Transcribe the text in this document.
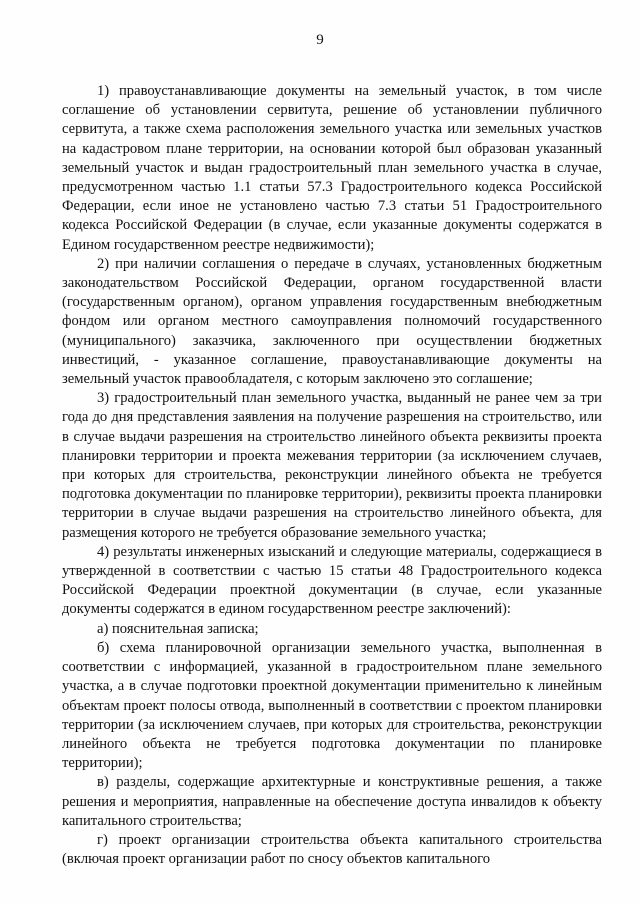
9

1) правоустанавливающие документы на земельный участок, в том числе соглашение об установлении сервитута, решение об установлении публичного сервитута, а также схема расположения земельного участка или земельных участков на кадастровом плане территории, на основании которой был образован указанный земельный участок и выдан градостроительный план земельного участка в случае, предусмотренном частью 1.1 статьи 57.3 Градостроительного кодекса Российской Федерации, если иное не установлено частью 7.3 статьи 51 Градостроительного кодекса Российской Федерации (в случае, если указанные документы содержатся в Едином государственном реестре недвижимости);

2) при наличии соглашения о передаче в случаях, установленных бюджетным законодательством Российской Федерации, органом государственной власти (государственным органом), органом управления государственным внебюджетным фондом или органом местного самоуправления полномочий государственного (муниципального) заказчика, заключенного при осуществлении бюджетных инвестиций, - указанное соглашение, правоустанавливающие документы на земельный участок правообладателя, с которым заключено это соглашение;

3) градостроительный план земельного участка, выданный не ранее чем за три года до дня представления заявления на получение разрешения на строительство, или в случае выдачи разрешения на строительство линейного объекта реквизиты проекта планировки территории и проекта межевания территории (за исключением случаев, при которых для строительства, реконструкции линейного объекта не требуется подготовка документации по планировке территории), реквизиты проекта планировки территории в случае выдачи разрешения на строительство линейного объекта, для размещения которого не требуется образование земельного участка;

4) результаты инженерных изысканий и следующие материалы, содержащиеся в утвержденной в соответствии с частью 15 статьи 48 Градостроительного кодекса Российской Федерации проектной документации (в случае, если указанные документы содержатся в едином государственном реестре заключений):

а) пояснительная записка;

б) схема планировочной организации земельного участка, выполненная в соответствии с информацией, указанной в градостроительном плане земельного участка, а в случае подготовки проектной документации применительно к линейным объектам проект полосы отвода, выполненный в соответствии с проектом планировки территории (за исключением случаев, при которых для строительства, реконструкции линейного объекта не требуется подготовка документации по планировке территории);

в) разделы, содержащие архитектурные и конструктивные решения, а также решения и мероприятия, направленные на обеспечение доступа инвалидов к объекту капитального строительства;

г) проект организации строительства объекта капитального строительства (включая проект организации работ по сносу объектов капитального
